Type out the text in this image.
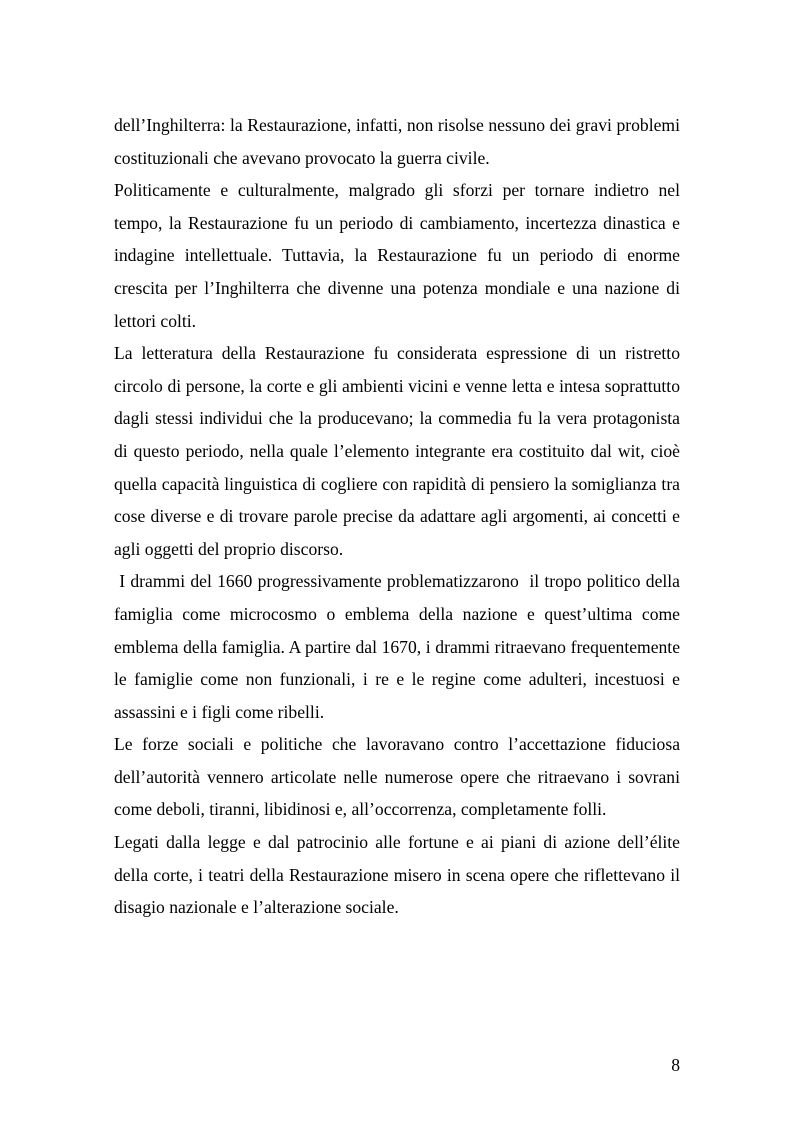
dell’Inghilterra: la Restaurazione, infatti, non risolse nessuno dei gravi problemi costituzionali che avevano provocato la guerra civile.

Politicamente e culturalmente, malgrado gli sforzi per tornare indietro nel tempo, la Restaurazione fu un periodo di cambiamento, incertezza dinastica e indagine intellettuale. Tuttavia, la Restaurazione fu un periodo di enorme crescita per l’Inghilterra che divenne una potenza mondiale e una nazione di lettori colti.

La letteratura della Restaurazione fu considerata espressione di un ristretto circolo di persone, la corte e gli ambienti vicini e venne letta e intesa soprattutto dagli stessi individui che la producevano; la commedia fu la vera protagonista di questo periodo, nella quale l’elemento integrante era costituito dal wit, cioè quella capacità linguistica di cogliere con rapidità di pensiero la somiglianza tra cose diverse e di trovare parole precise da adattare agli argomenti, ai concetti e agli oggetti del proprio discorso.

I drammi del 1660 progressivamente problematizzarono  il tropo politico della famiglia come microcosmo o emblema della nazione e quest’ultima come emblema della famiglia. A partire dal 1670, i drammi ritraevano frequentemente le famiglie come non funzionali, i re e le regine come adulteri, incestuosi e assassini e i figli come ribelli.

Le forze sociali e politiche che lavoravano contro l’accettazione fiduciosa dell’autorità vennero articolate nelle numerose opere che ritraevano i sovrani come deboli, tiranni, libidinosi e, all’occorrenza, completamente folli.

Legati dalla legge e dal patrocinio alle fortune e ai piani di azione dell’élite della corte, i teatri della Restaurazione misero in scena opere che riflettevano il disagio nazionale e l’alterazione sociale.

8
